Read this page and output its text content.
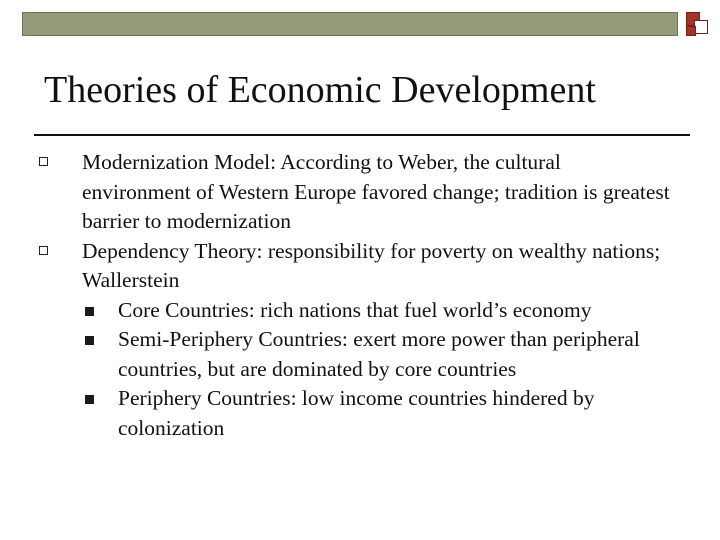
Theories of Economic Development
Modernization Model: According to Weber, the cultural environment of Western Europe favored change; tradition is greatest barrier to modernization
Dependency Theory: responsibility for poverty on wealthy nations; Wallerstein
Core Countries: rich nations that fuel world’s economy
Semi-Periphery Countries: exert more power than peripheral countries, but are dominated by core countries
Periphery Countries: low income countries hindered by colonization
